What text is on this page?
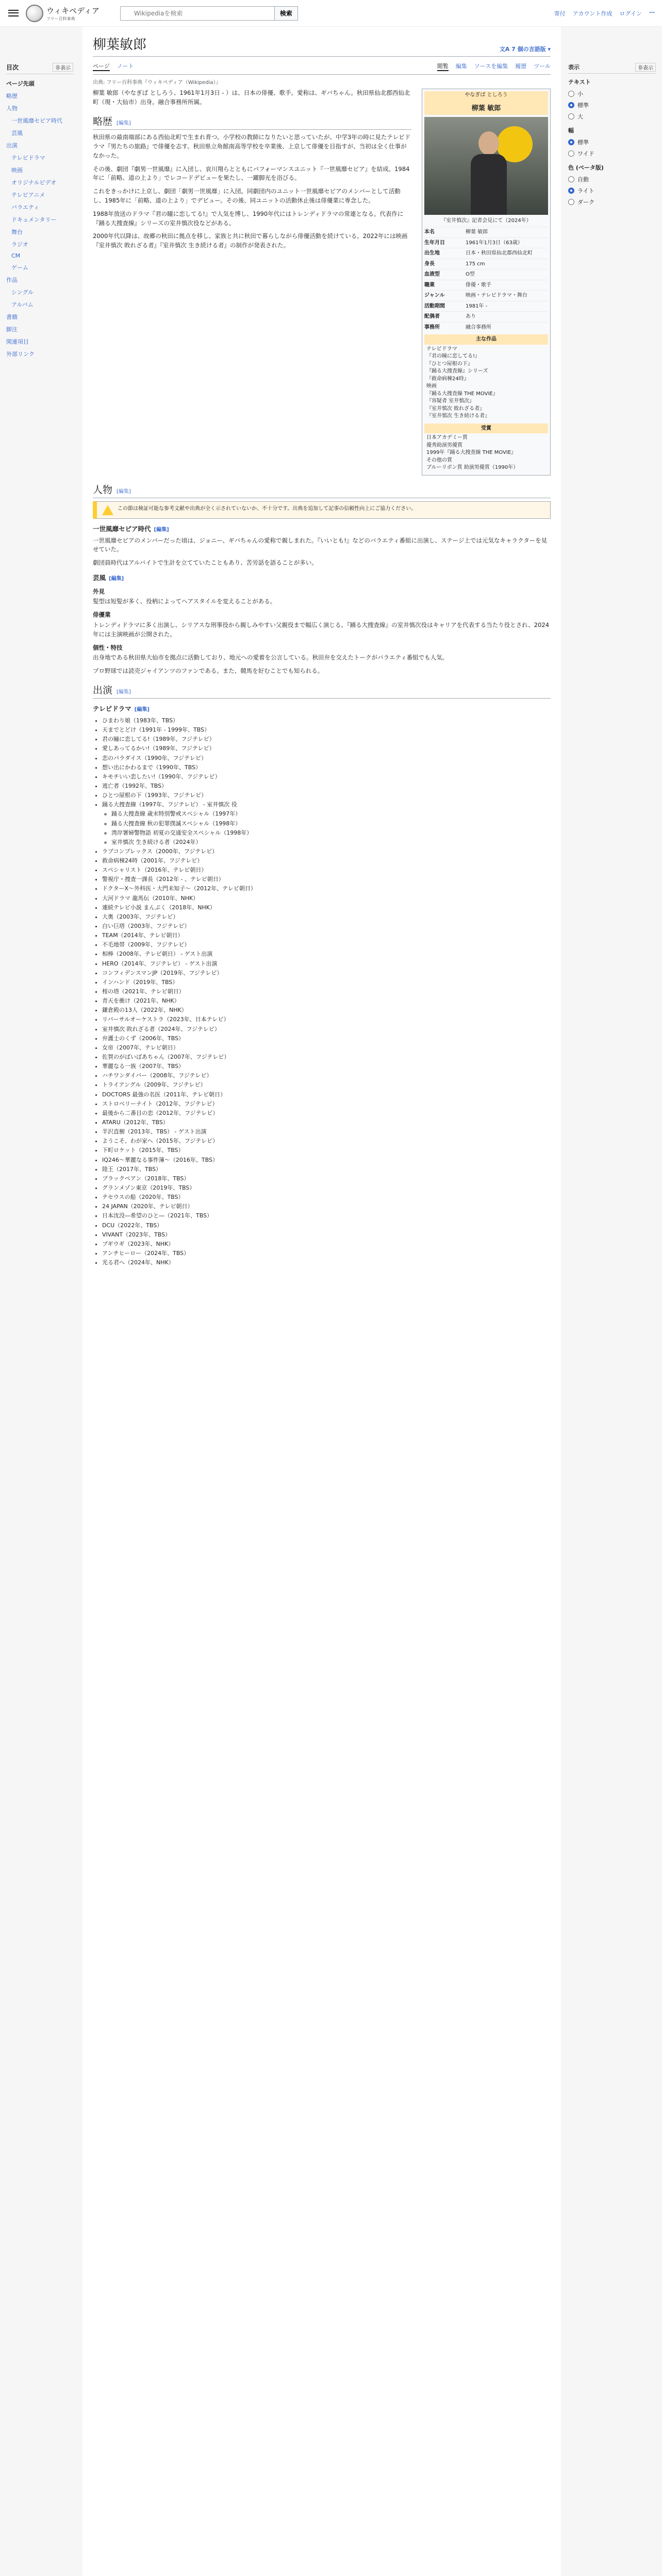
ウィキペディア
フリー百科事典
Wikipediaを検索
検索	寄付 アカウント作成 ログイン ⋯
目次	非表示
ページ先頭
略歴
人物
一世風靡セピア時代
芸風
出演
テレビドラマ
映画
オリジナルビデオ
テレビアニメ
バラエティ
ドキュメンタリー
舞台
ラジオ
CM
ゲーム
作品
シングル
アルバム
書籍
脚注
関連項目
外部リンク
柳葉敏郎	文A 7 個の言語版 ▾
ページ ノート	閲覧 編集 ソースを編集 履歴 ツール
出典: フリー百科事典『ウィキペディア（Wikipedia）』

柳葉 敏郎（やなぎば としろう、1961年1月3日 - ）は、日本の俳優、歌手。愛称は、ギバちゃん。秋田県仙北郡西仙北町（現・大仙市）出身。融合事務所所属。

略歴 [編集]

秋田県の最南端部にある西仙北町で生まれ育つ。小学校の教師になりたいと思っていたが、中学3年の時に見たテレビドラマ『男たちの旅路』で俳優を志す。秋田県立角館南高等学校を卒業後、上京して俳優を目指すが、当初は全く仕事がなかった。

その後、劇団『劇男一世風靡』に入団し、哀川翔らとともにパフォーマンスユニット『一世風靡セピア』を結成。1984年に「前略、道の上より」でレコードデビューを果たし、一躍脚光を浴びる。

これをきっかけに上京し、劇団「劇男一世風靡」に入団。同劇団内のユニット一世風靡セピアのメンバーとして活動し、1985年に「前略、道の上より」でデビュー。その後、同ユニットの活動休止後は俳優業に専念した。

1988年放送のドラマ『君の瞳に恋してる!』で人気を博し、1990年代にはトレンディドラマの常連となる。代表作に『踊る大捜査線』シリーズの室井慎次役などがある。

2000年代以降は、故郷の秋田に拠点を移し、家族と共に秋田で暮らしながら俳優活動を続けている。2022年には映画『室井慎次 敗れざる者』『室井慎次 生き続ける者』の制作が発表された。

やなぎば としろう
柳葉 敏郎
『室井慎次』記者会見にて（2024年）
本名	柳葉 敏郎
生年月日	1961年1月3日（63歳）
出生地	日本・秋田県仙北郡西仙北町
身長	175 cm
血液型	O型
職業	俳優・歌手
ジャンル	映画・テレビドラマ・舞台
活動期間	1981年 -
配偶者	あり
事務所	融合事務所
主な作品
テレビドラマ
『君の瞳に恋してる!』
『ひとつ屋根の下』
『踊る大捜査線』シリーズ
『救命病棟24時』
映画
『踊る大捜査線 THE MOVIE』
『容疑者 室井慎次』
『室井慎次 敗れざる者』
『室井慎次 生き続ける者』
受賞
日本アカデミー賞
優秀助演男優賞
1999年『踊る大捜査線 THE MOVIE』
その他の賞
ブルーリボン賞 助演男優賞（1990年）
人物 [編集]
この節は検証可能な参考文献や出典が全く示されていないか、不十分です。出典を追加して記事の信頼性向上にご協力ください。
一世風靡セピア時代 [編集]

一世風靡セピアのメンバーだった頃は、ジョニー、ギバちゃんの愛称で親しまれた。『いいとも!』などのバラエティ番組に出演し、ステージ上では元気なキャラクターを見せていた。

劇団員時代はアルバイトで生計を立てていたこともあり、苦労話を語ることが多い。

芸風 [編集]
外見

髪型は短髪が多く、役柄によってヘアスタイルを変えることがある。

俳優業

トレンディドラマに多く出演し、シリアスな刑事役から親しみやすい父親役まで幅広く演じる。『踊る大捜査線』の室井慎次役はキャリアを代表する当たり役とされ、2024年には主演映画が公開された。

個性・特技

出身地である秋田県大仙市を拠点に活動しており、地元への愛着を公言している。秋田弁を交えたトークがバラエティ番組でも人気。

プロ野球では読売ジャイアンツのファンである。また、競馬を好むことでも知られる。

出演 [編集]
テレビドラマ [編集]
• ひまわり娘（1983年、TBS）
• 天までとどけ（1991年 - 1999年、TBS）
• 君の瞳に恋してる!（1989年、フジテレビ）
• 愛しあってるかい!（1989年、フジテレビ）
• 恋のパラダイス（1990年、フジテレビ）
• 想い出にかわるまで（1990年、TBS）
• キモチいい恋したい!（1990年、フジテレビ）
• 逃亡者（1992年、TBS）
• ひとつ屋根の下（1993年、フジテレビ）
• 踊る大捜査線（1997年、フジテレビ） - 室井慎次 役
◦ 踊る大捜査線 歳末特別警戒スペシャル（1997年）
◦ 踊る大捜査線 秋の犯罪撲滅スペシャル（1998年）
◦ 湾岸署婦警物語 初夏の交通安全スペシャル（1998年）
◦ 室井慎次 生き続ける者（2024年）
• ラブコンプレックス（2000年、フジテレビ）
• 救命病棟24時（2001年、フジテレビ）
• スペシャリスト（2016年、テレビ朝日）
• 警視庁・捜査一課長（2012年 - 、テレビ朝日）
• ドクターX〜外科医・大門未知子〜（2012年、テレビ朝日）
• 大河ドラマ 龍馬伝（2010年、NHK）
• 連続テレビ小説 まんぷく（2018年、NHK）
• 大奥（2003年、フジテレビ）
• 白い巨塔（2003年、フジテレビ）
• TEAM（2014年、テレビ朝日）
• 不毛地帯（2009年、フジテレビ）
• 相棒（2008年、テレビ朝日） - ゲスト出演
• HERO（2014年、フジテレビ） - ゲスト出演
• コンフィデンスマンJP（2019年、フジテレビ）
• インハンド（2019年、TBS）
• 桜の塔（2021年、テレビ朝日）
• 青天を衝け（2021年、NHK）
• 鎌倉殿の13人（2022年、NHK）
• リバーサルオーケストラ（2023年、日本テレビ）
• 室井慎次 敗れざる者（2024年、フジテレビ）
• 弁護士のくず（2006年、TBS）
• 女帝（2007年、テレビ朝日）
• 佐賀のがばいばあちゃん（2007年、フジテレビ）
• 華麗なる一族（2007年、TBS）
• ハチワンダイバー（2008年、フジテレビ）
• トライアングル（2009年、フジテレビ）
• DOCTORS 最強の名医（2011年、テレビ朝日）
• ストロベリーナイト（2012年、フジテレビ）
• 最後から二番目の恋（2012年、フジテレビ）
• ATARU（2012年、TBS）
• 半沢直樹（2013年、TBS） - ゲスト出演
• ようこそ、わが家へ（2015年、フジテレビ）
• 下町ロケット（2015年、TBS）
• IQ246〜華麗なる事件簿〜（2016年、TBS）
• 陸王（2017年、TBS）
• ブラックペアン（2018年、TBS）
• グランメゾン東京（2019年、TBS）
• テセウスの船（2020年、TBS）
• 24 JAPAN（2020年、テレビ朝日）
• 日本沈没―希望のひと―（2021年、TBS）
• DCU（2022年、TBS）
• VIVANT（2023年、TBS）
• ブギウギ（2023年、NHK）
• アンチヒーロー（2024年、TBS）
• 光る君へ（2024年、NHK）
表示	非表示
テキスト
小
標準
大
幅
標準
ワイド
色 (ベータ版)
自動
ライト
ダーク
